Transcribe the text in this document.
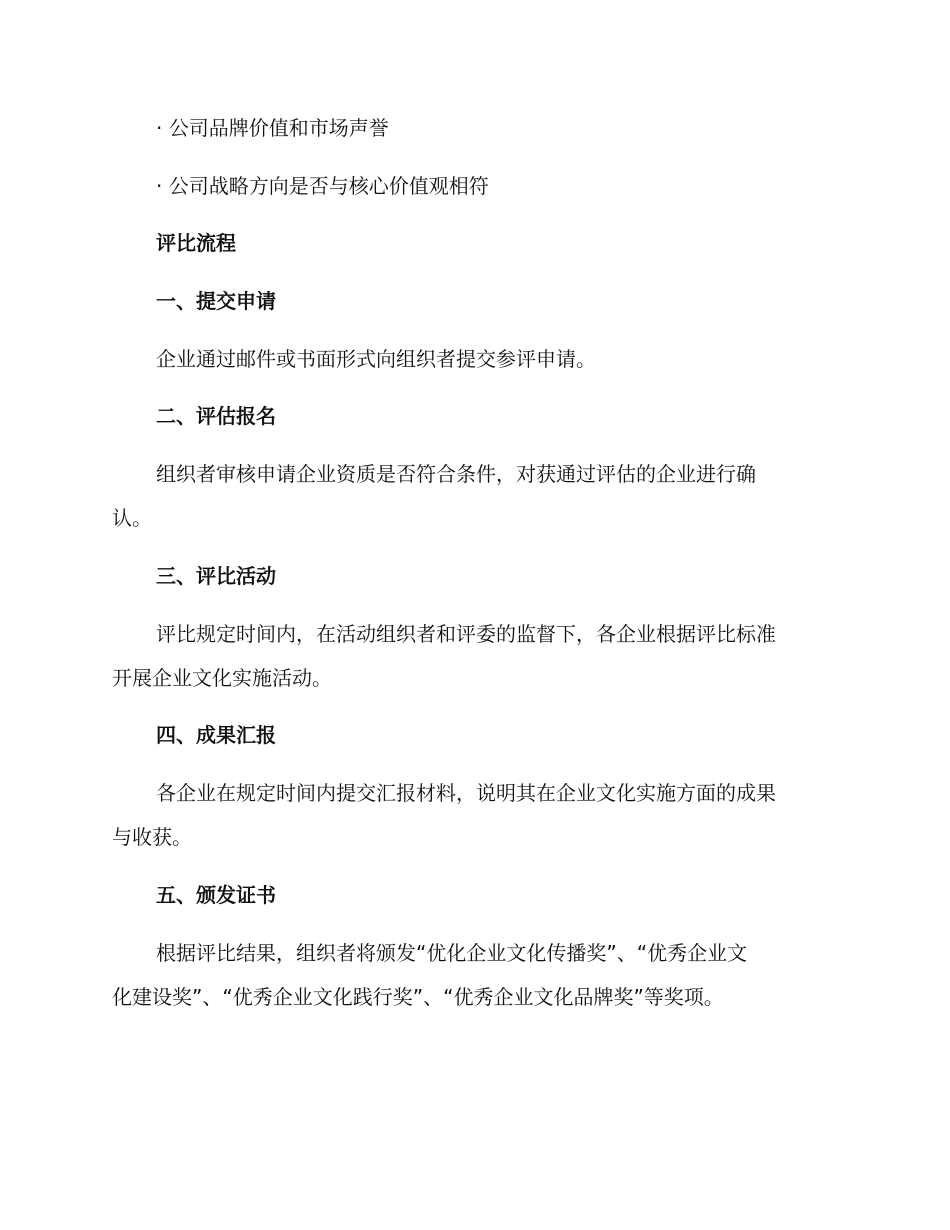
· 公司品牌价值和市场声誉
· 公司战略方向是否与核心价值观相符
评比流程
一、提交申请
企业通过邮件或书面形式向组织者提交参评申请。
二、评估报名
组织者审核申请企业资质是否符合条件，对获通过评估的企业进行确
认。
三、评比活动
评比规定时间内，在活动组织者和评委的监督下，各企业根据评比标准
开展企业文化实施活动。
四、成果汇报
各企业在规定时间内提交汇报材料，说明其在企业文化实施方面的成果
与收获。
五、颁发证书
根据评比结果，组织者将颁发“优化企业文化传播奖”、“优秀企业文
化建设奖”、“优秀企业文化践行奖”、“优秀企业文化品牌奖”等奖项。
